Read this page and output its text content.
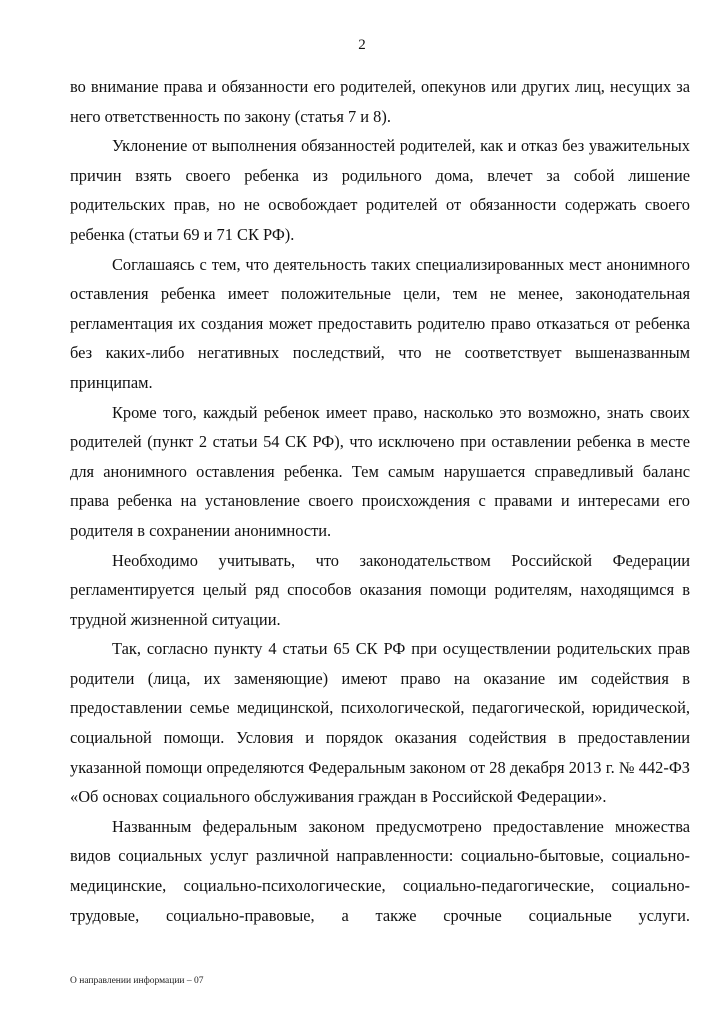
2

во внимание права и обязанности его родителей, опекунов или других лиц, несущих за него ответственность по закону (статья 7 и 8).

Уклонение от выполнения обязанностей родителей, как и отказ без уважительных причин взять своего ребенка из родильного дома, влечет за собой лишение родительских прав, но не освобождает родителей от обязанности содержать своего ребенка (статьи 69 и 71 СК РФ).

Соглашаясь с тем, что деятельность таких специализированных мест анонимного оставления ребенка имеет положительные цели, тем не менее, законодательная регламентация их создания может предоставить родителю право отказаться от ребенка без каких-либо негативных последствий, что не соответствует вышеназванным принципам.

Кроме того, каждый ребенок имеет право, насколько это возможно, знать своих родителей (пункт 2 статьи 54 СК РФ), что исключено при оставлении ребенка в месте для анонимного оставления ребенка. Тем самым нарушается справедливый баланс права ребенка на установление своего происхождения с правами и интересами его родителя в сохранении анонимности.

Необходимо учитывать, что законодательством Российской Федерации регламентируется целый ряд способов оказания помощи родителям, находящимся в трудной жизненной ситуации.

Так, согласно пункту 4 статьи 65 СК РФ при осуществлении родительских прав родители (лица, их заменяющие) имеют право на оказание им содействия в предоставлении семье медицинской, психологической, педагогической, юридической, социальной помощи. Условия и порядок оказания содействия в предоставлении указанной помощи определяются Федеральным законом от 28 декабря 2013 г. № 442-ФЗ «Об основах социального обслуживания граждан в Российской Федерации».

Названным федеральным законом предусмотрено предоставление множества видов социальных услуг различной направленности: социально-бытовые, социально-медицинские, социально-психологические, социально-педагогические, социально-трудовые, социально-правовые, а также срочные социальные услуги.

О направлении информации – 07
